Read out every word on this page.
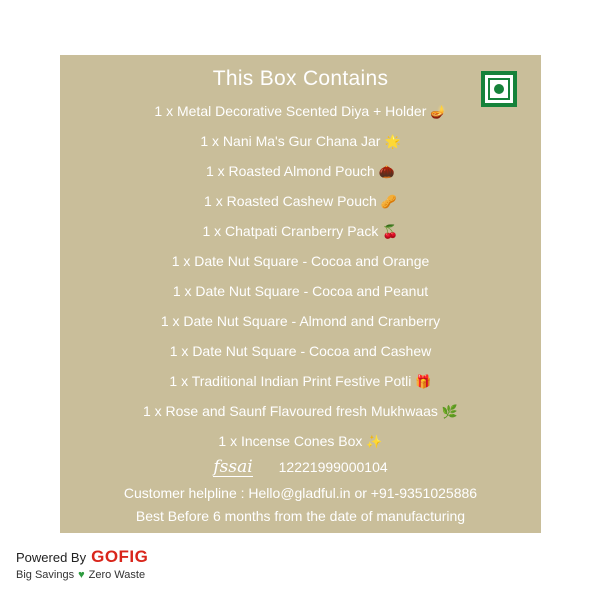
This Box Contains
1 x Metal Decorative Scented Diya + Holder 🪔
1 x Nani Ma's Gur Chana Jar 🌟
1 x Roasted Almond Pouch 🌰
1 x Roasted Cashew Pouch 🥜
1 x Chatpati Cranberry Pack 🍒
1 x Date Nut Square - Cocoa and Orange
1 x Date Nut Square - Cocoa and Peanut
1 x Date Nut Square - Almond and Cranberry
1 x Date Nut Square - Cocoa and Cashew
1 x Traditional Indian Print Festive Potli 🎁
1 x Rose and Saunf Flavoured fresh Mukhwaas 🌿
1 x Incense Cones Box ✨
fssai 12221999000104
Customer helpline : Hello@gladful.in or +91-9351025886
Best Before 6 months from the date of manufacturing
Powered By GOFIG
Big Savings ♥ Zero Waste
